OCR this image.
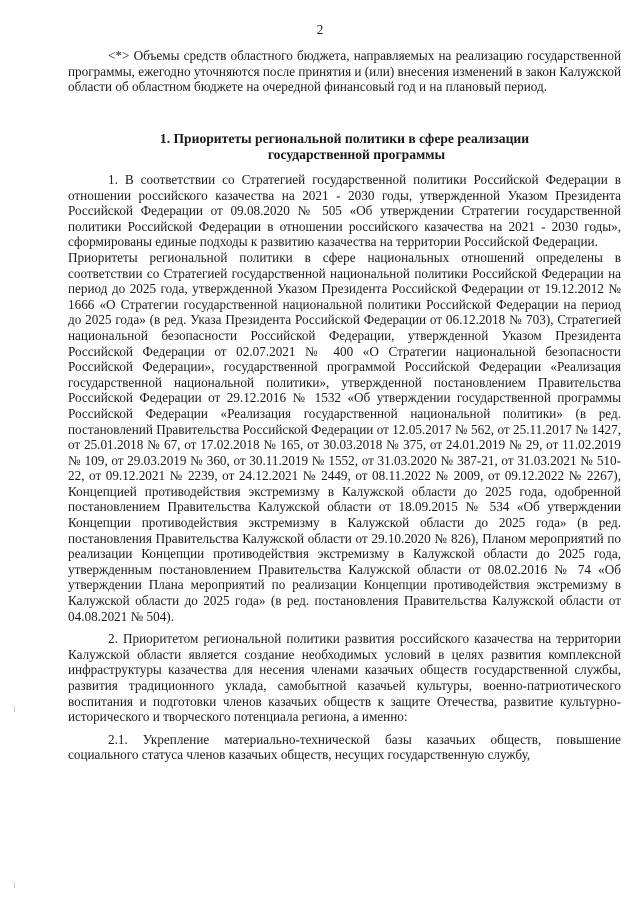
2

<*> Объемы средств областного бюджета, направляемых на реализацию государственной программы, ежегодно уточняются после принятия и (или) внесения изменений в закон Калужской области об областном бюджете на очередной финансовый год и на плановый период.

1. Приоритеты региональной политики в сфере реализации
государственной программы

1. В соответствии со Стратегией государственной политики Российской Федерации в отношении российского казачества на 2021 - 2030 годы, утвержденной Указом Президента Российской Федерации от 09.08.2020 № 505 «Об утверждении Стратегии государственной политики Российской Федерации в отношении российского казачества на 2021 - 2030 годы», сформированы единые подходы к развитию казачества на территории Российской Федерации.

Приоритеты региональной политики в сфере национальных отношений определены в соответствии со Стратегией государственной национальной политики Российской Федерации на период до 2025 года, утвержденной Указом Президента Российской Федерации от 19.12.2012 № 1666 «О Стратегии государственной национальной политики Российской Федерации на период до 2025 года» (в ред. Указа Президента Российской Федерации от 06.12.2018 № 703), Стратегией национальной безопасности Российской Федерации, утвержденной Указом Президента Российской Федерации от 02.07.2021 № 400 «О Стратегии национальной безопасности Российской Федерации», государственной программой Российской Федерации «Реализация государственной национальной политики», утвержденной постановлением Правительства Российской Федерации от 29.12.2016 № 1532 «Об утверждении государственной программы Российской Федерации «Реализация государственной национальной политики» (в ред. постановлений Правительства Российской Федерации от 12.05.2017 № 562, от 25.11.2017 № 1427, от 25.01.2018 № 67, от 17.02.2018 № 165, от 30.03.2018 № 375, от 24.01.2019 № 29, от 11.02.2019 № 109, от 29.03.2019 № 360, от 30.11.2019 № 1552, от 31.03.2020 № 387-21, от 31.03.2021 № 510-22, от 09.12.2021 № 2239, от 24.12.2021 № 2449, от 08.11.2022 № 2009, от 09.12.2022 № 2267), Концепцией противодействия экстремизму в Калужской области до 2025 года, одобренной постановлением Правительства Калужской области от 18.09.2015 № 534 «Об утверждении Концепции противодействия экстремизму в Калужской области до 2025 года» (в ред. постановления Правительства Калужской области от 29.10.2020 № 826), Планом мероприятий по реализации Концепции противодействия экстремизму в Калужской области до 2025 года, утвержденным постановлением Правительства Калужской области от 08.02.2016 № 74 «Об утверждении Плана мероприятий по реализации Концепции противодействия экстремизму в Калужской области до 2025 года» (в ред. постановления Правительства Калужской области от 04.08.2021 № 504).

2. Приоритетом региональной политики развития российского казачества на территории Калужской области является создание необходимых условий в целях развития комплексной инфраструктуры казачества для несения членами казачьих обществ государственной службы, развития традиционного уклада, самобытной казачьей культуры, военно-патриотического воспитания и подготовки членов казачьих обществ к защите Отечества, развитие культурно-исторического и творческого потенциала региона, а именно:

2.1. Укрепление материально-технической базы казачьих обществ, повышение социального статуса членов казачьих обществ, несущих государственную службу,
